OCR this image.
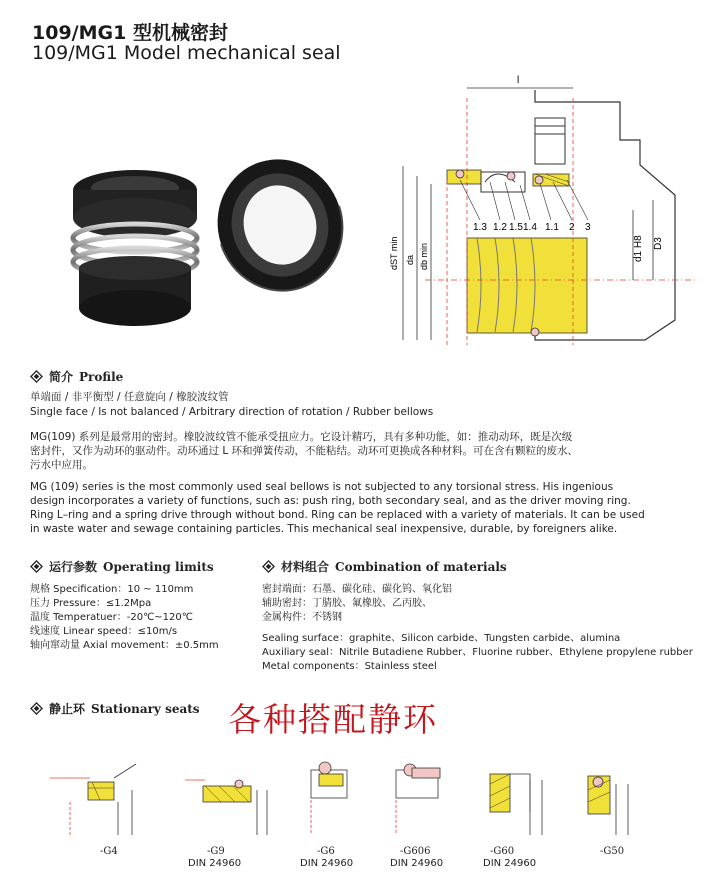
109/MG1 型机械密封
109/MG1 Model mechanical seal
l
dST min da db min	d1 H8 D3
1.3 1.2 1.5 1.4 1.1 2 3
简介 Profile
单端面 / 非平衡型 / 任意旋向 / 橡胶波纹管
Single face / Is not balanced / Arbitrary direction of rotation / Rubber bellows
MG(109) 系列是最常用的密封。橡胶波纹管不能承受扭应力。它设计精巧，具有多种功能，如：推动动环，既是次级
密封件，又作为动环的驱动件。动环通过 L 环和弹簧传动，不能粘结。动环可更换成各种材料。可在含有颗粒的废水、
污水中应用。
MG (109) series is the most commonly used seal bellows is not subjected to any torsional stress. His ingenious
design incorporates a variety of functions, such as: push ring, both secondary seal, and as the driver moving ring.
Ring L–ring and a spring drive through without bond. Ring can be replaced with a variety of materials. It can be used
in waste water and sewage containing particles. This mechanical seal inexpensive, durable, by foreigners alike.
运行参数 Operating limits
规格 Specification：10 ~ 110mm
压力 Pressure：≤1.2Mpa
温度 Temperatuer：-20℃~120℃
线速度 Linear speed：≤10m/s
轴向窜动量 Axial movement：±0.5mm
材料组合 Combination of materials
密封端面：石墨、碳化硅、碳化钨、氧化铝
辅助密封：丁腈胶、氟橡胶、乙丙胶、
金属构件：不锈钢
Sealing surface：graphite、Silicon carbide、Tungsten carbide、alumina
Auxiliary seal：Nitrile Butadiene Rubber、Fluorine rubber、Ethylene propylene rubber
Metal components：Stainless steel
静止环 Stationary seats 各种搭配静环
-G4	-G9
DIN 24960
-G6
DIN 24960
-G606
DIN 24960
-G60
DIN 24960
-G50
